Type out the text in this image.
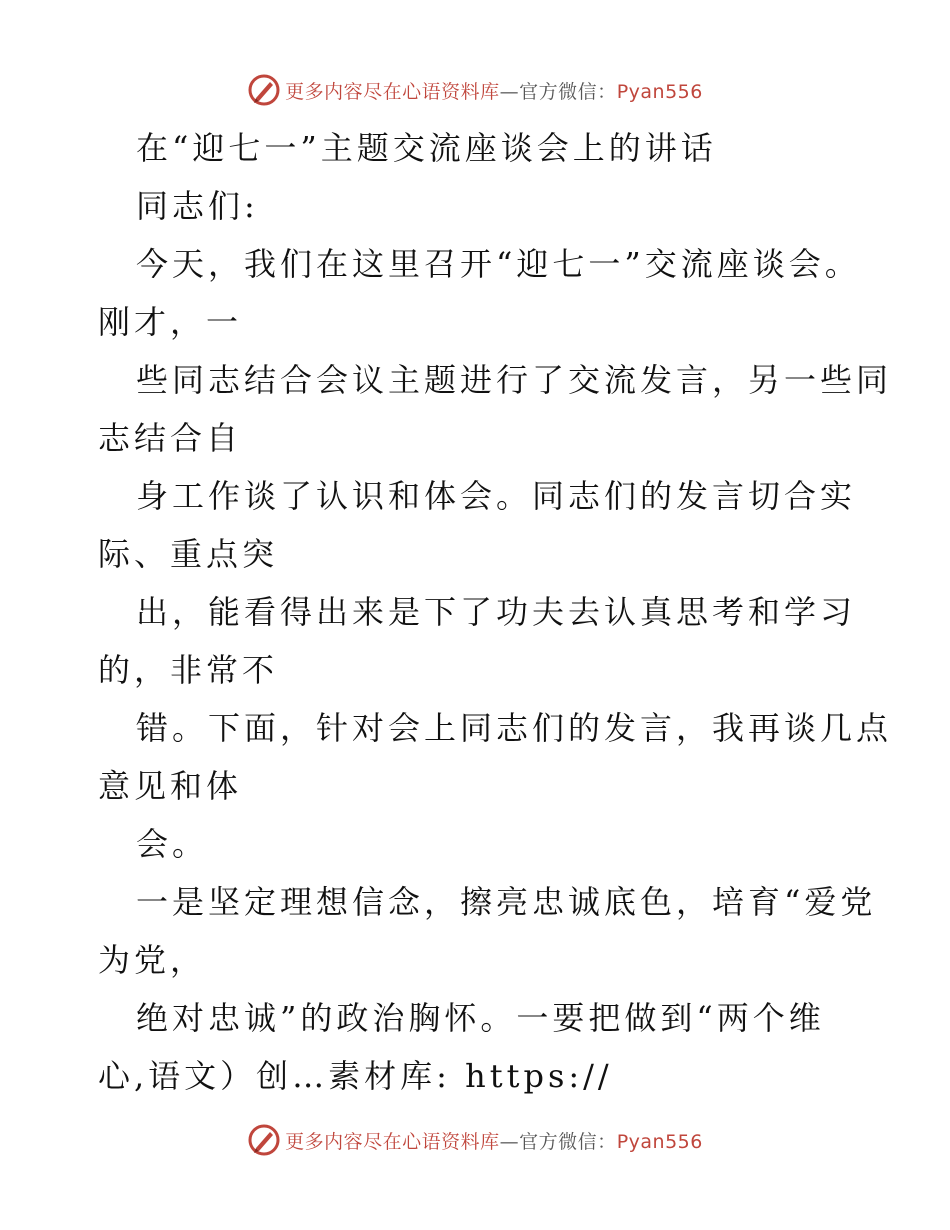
更多内容尽在心语资料库—官方微信：Pyan556
在“迎七一”主题交流座谈会上的讲话
同志们:
今天，我们在这里召开“迎七一”交流座谈会。
刚才，一
些同志结合会议主题进行了交流发言，另一些同
志结合自
身工作谈了认识和体会。同志们的发言切合实
际、重点突
出，能看得出来是下了功夫去认真思考和学习
的，非常不
错。下面，针对会上同志们的发言，我再谈几点
意见和体
会。
一是坚定理想信念，擦亮忠诚底色，培育“爱党
为党，
绝对忠诚”的政治胸怀。一要把做到“两个维
心,语文）创…素材库: https://
更多内容尽在心语资料库—官方微信：Pyan556
